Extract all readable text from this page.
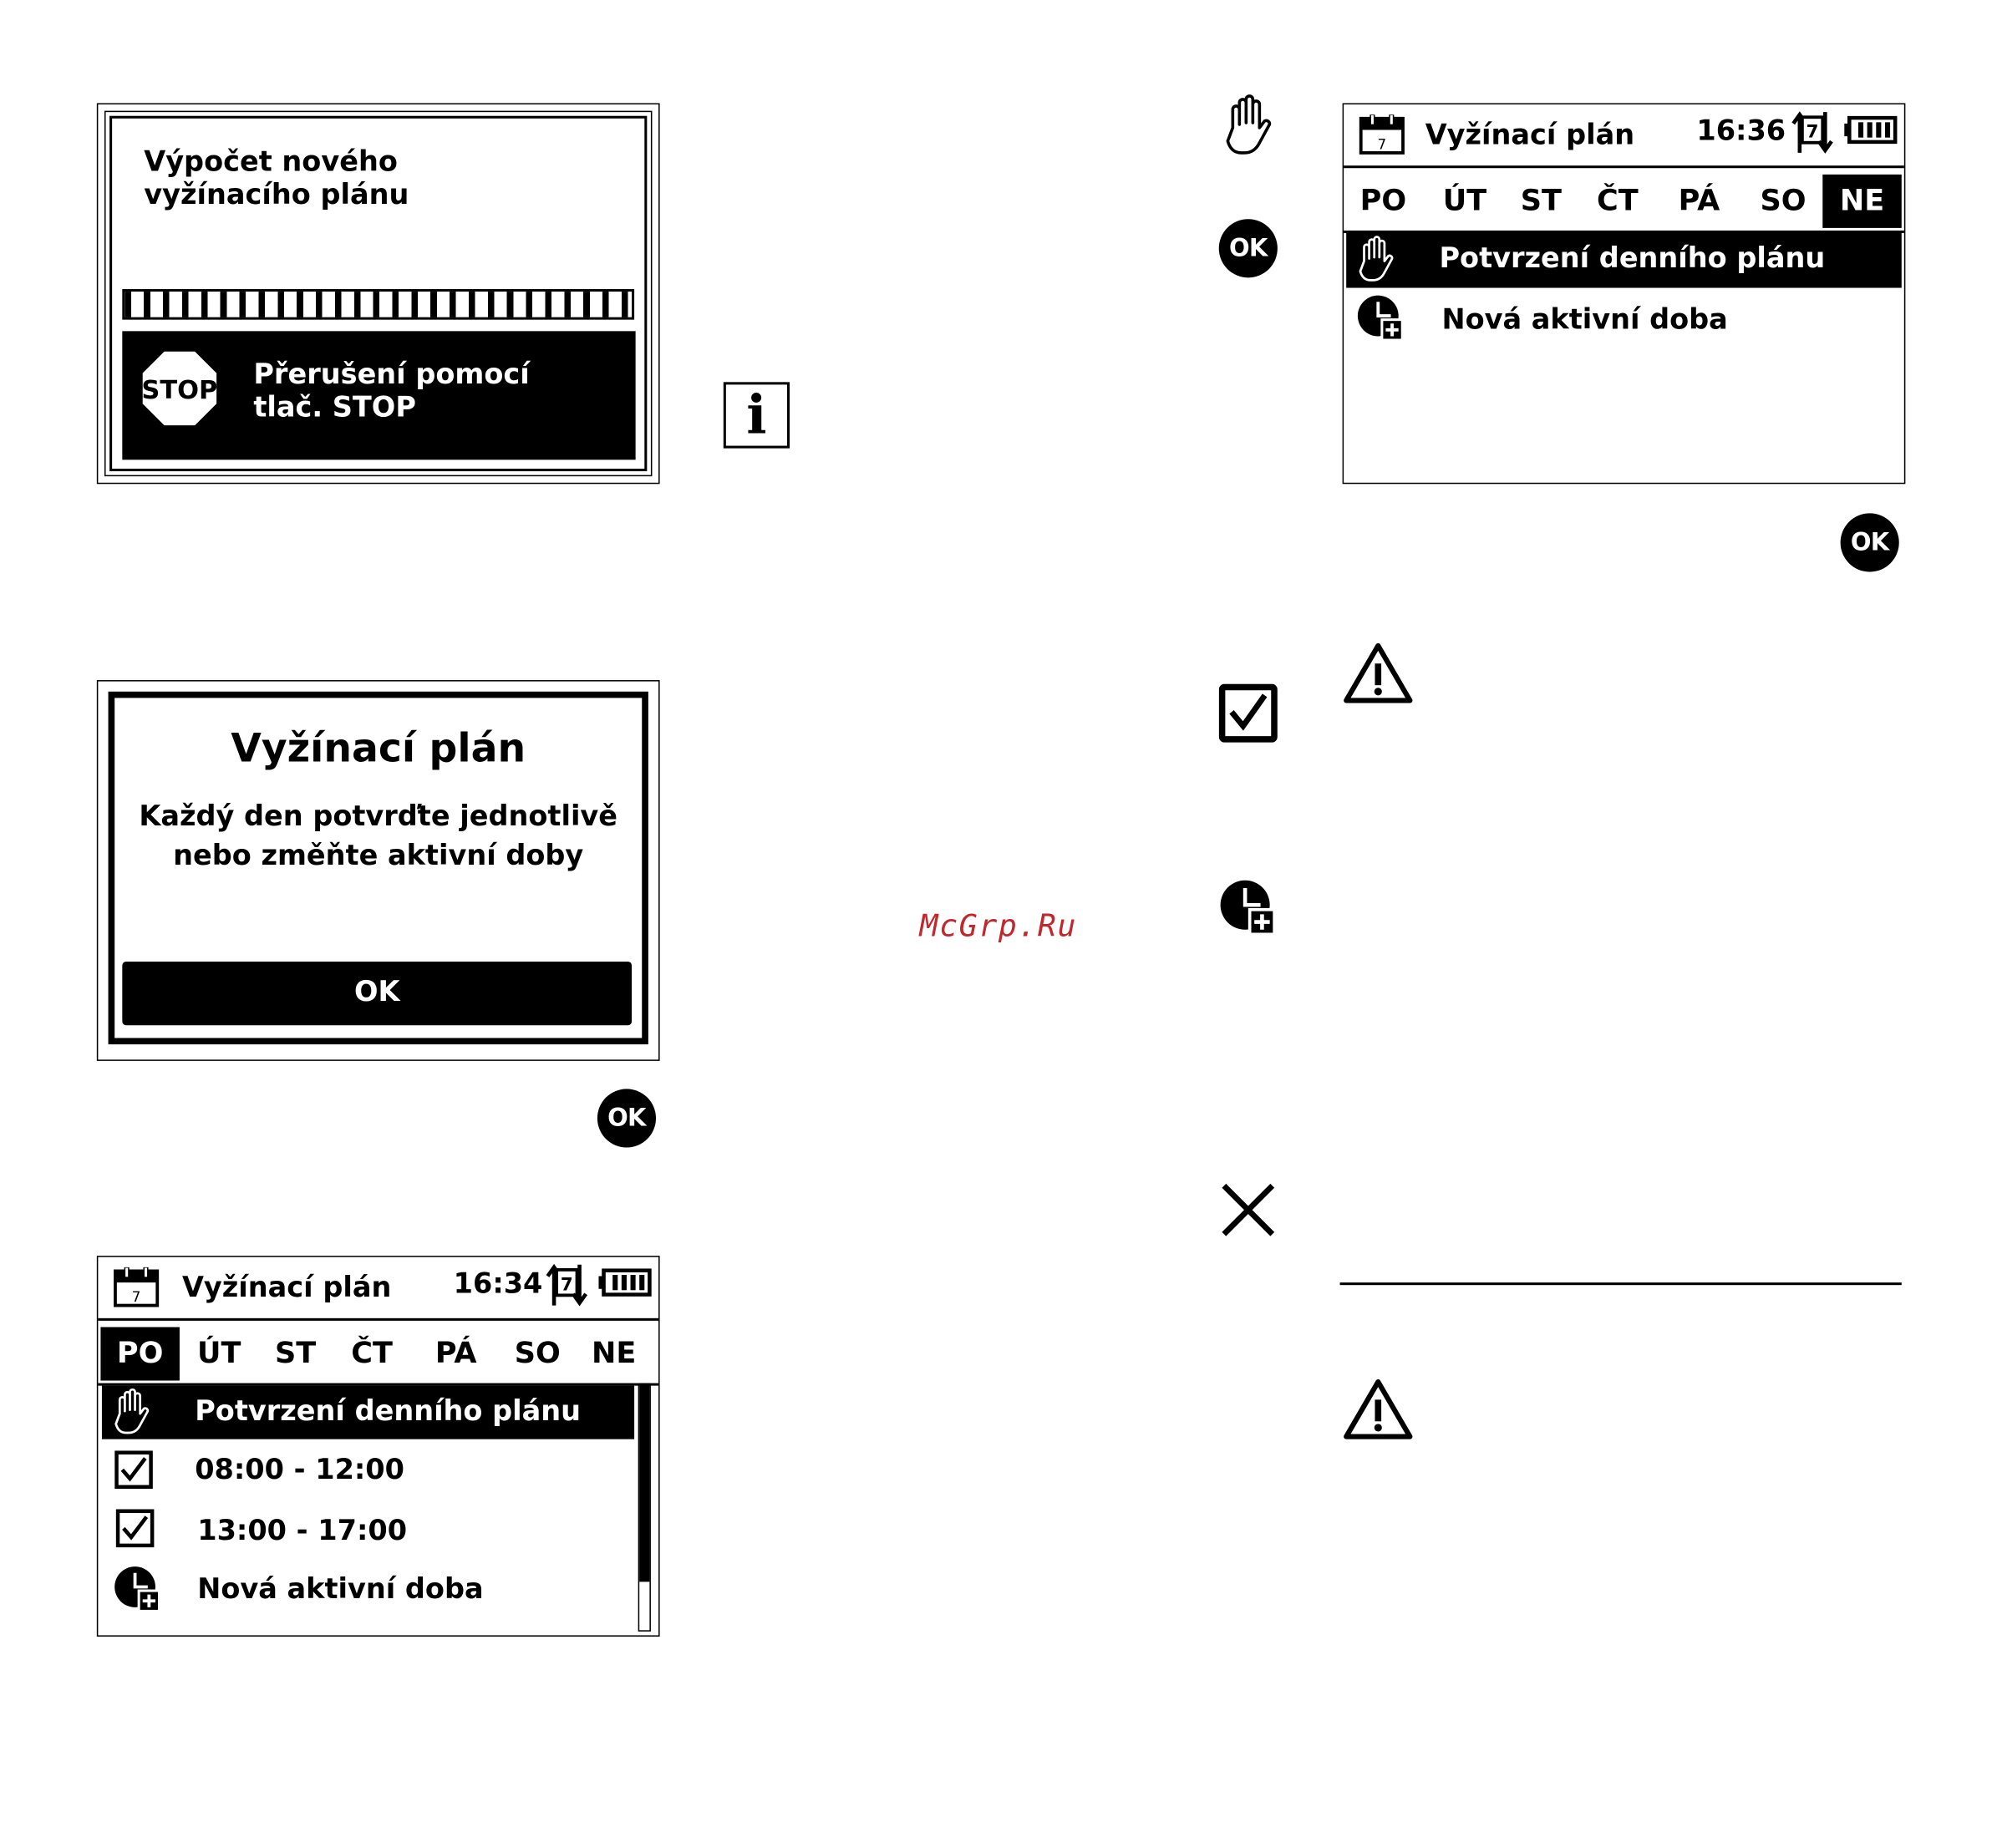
Výpočet nového
vyžínacího plánu
STOP Přerušení pomocí
tlač. STOP	i
Vyžínací plán
Každý den potvrďte jednotlivě
nebo změňte aktivní doby
OK
OK
7 Vyžínací plán	16:34 7
PO	ÚT	ST	ČT	PÁ	SO	NE
Potvrzení denního plánu
08:00 - 12:00
13:00 - 17:00
Nová aktivní doba
OK
7 Vyžínací plán	16:36 7
PO	ÚT	ST	ČT	PÁ	SO	NE
Potvrzení denního plánu
Nová aktivní doba
OK
McGrp.Ru
